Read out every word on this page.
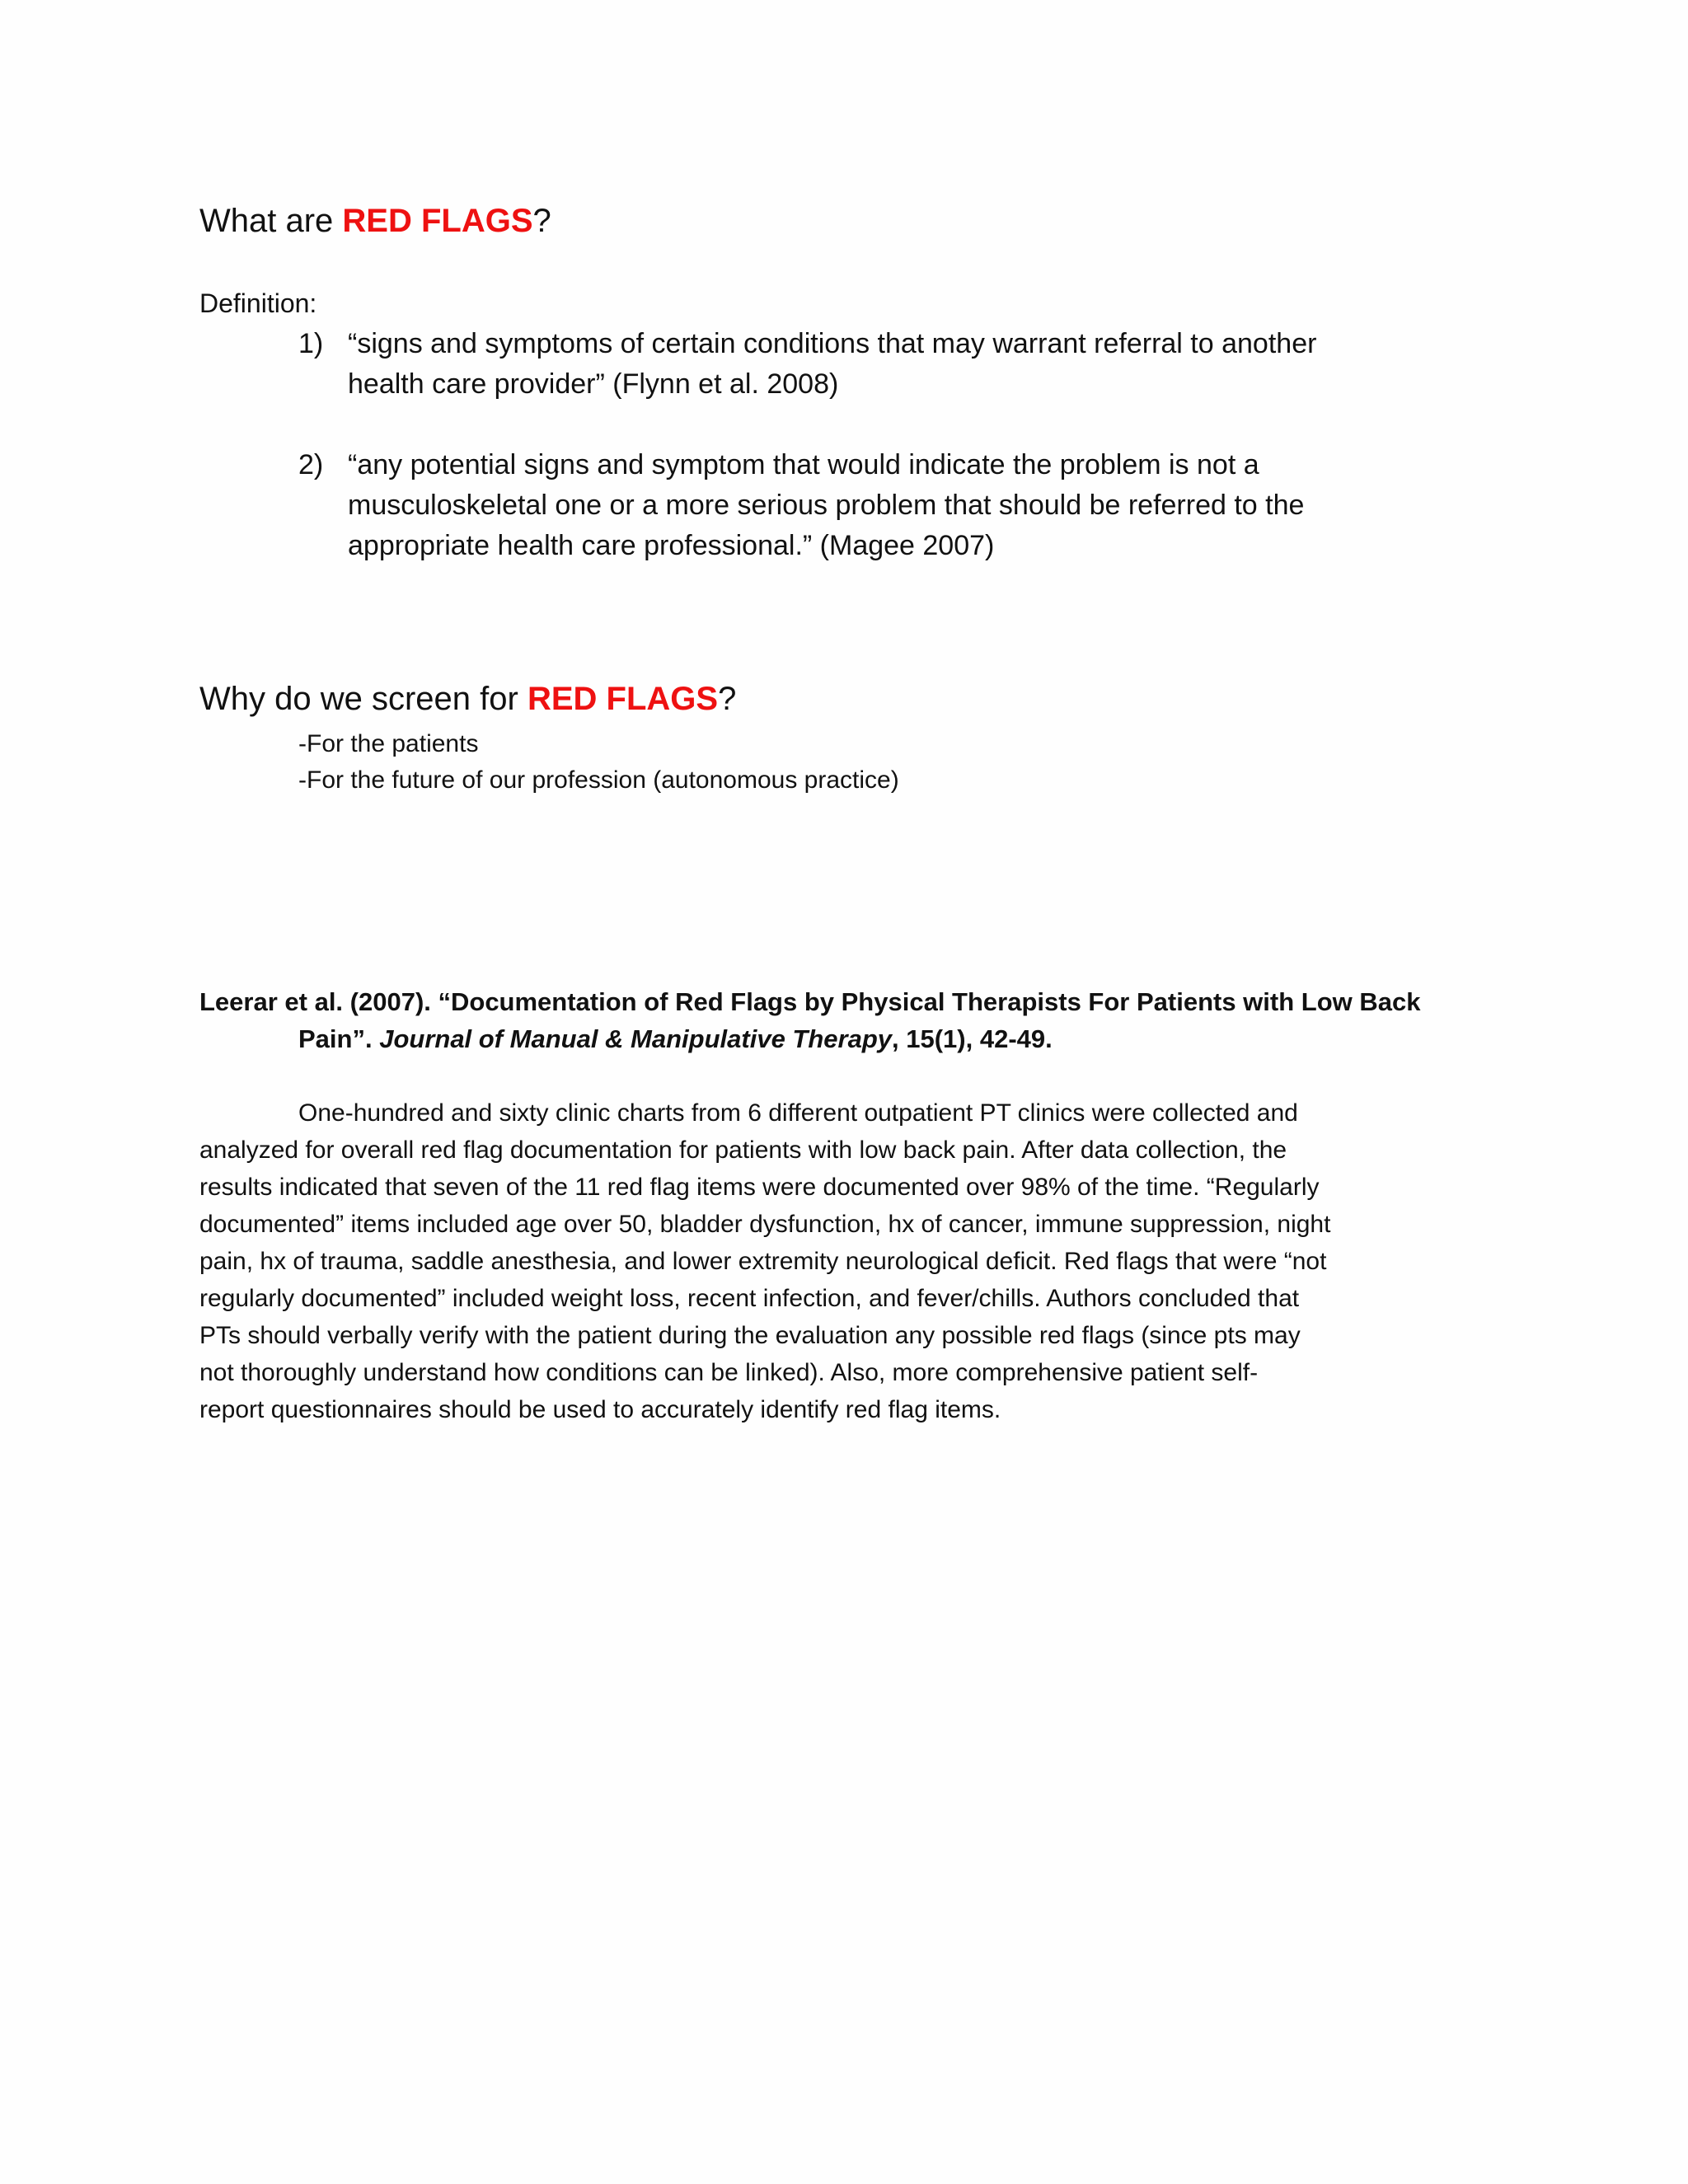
What are RED FLAGS?
Definition:
1) “signs and symptoms of certain conditions that may warrant referral to another
health care provider” (Flynn et al. 2008)
2) “any potential signs and symptom that would indicate the problem is not a
musculoskeletal one or a more serious problem that should be referred to the
appropriate health care professional.” (Magee 2007)
Why do we screen for RED FLAGS?
-For the patients
-For the future of our profession (autonomous practice)
Leerar et al. (2007). “Documentation of Red Flags by Physical Therapists For Patients with Low Back
Pain”. Journal of Manual & Manipulative Therapy, 15(1), 42-49.
One-hundred and sixty clinic charts from 6 different outpatient PT clinics were collected and
analyzed for overall red flag documentation for patients with low back pain. After data collection, the
results indicated that seven of the 11 red flag items were documented over 98% of the time. “Regularly
documented” items included age over 50, bladder dysfunction, hx of cancer, immune suppression, night
pain, hx of trauma, saddle anesthesia, and lower extremity neurological deficit. Red flags that were “not
regularly documented” included weight loss, recent infection, and fever/chills. Authors concluded that
PTs should verbally verify with the patient during the evaluation any possible red flags (since pts may
not thoroughly understand how conditions can be linked). Also, more comprehensive patient self-
report questionnaires should be used to accurately identify red flag items.
